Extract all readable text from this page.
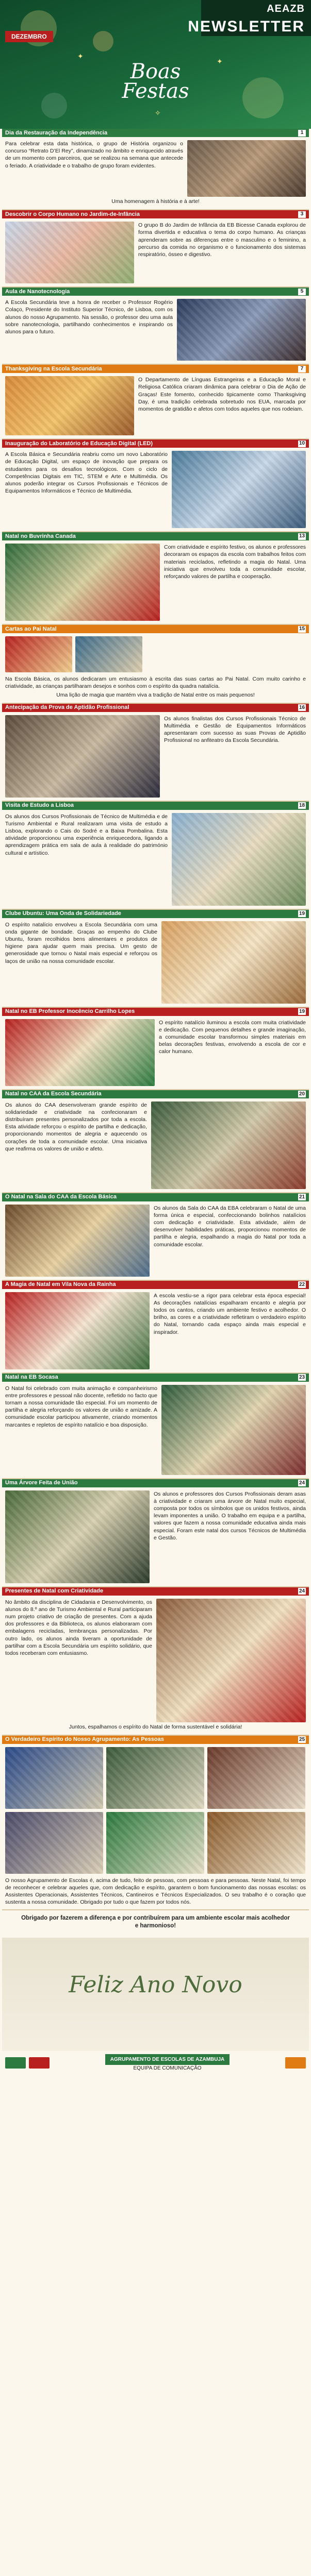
✦
✦
✧
AEAZB
NEWSLETTER
DEZEMBRO
Boas
Festas
Dia da Restauração da Independência	1

Para celebrar esta data histórica, o grupo de História organizou o concurso “Retrato D’El Rey”, dinamizado no âmbito e enriquecido através de um momento com parceiros, que se realizou na semana que antecede o feriado. A criatividade e o trabalho de grupo foram evidentes.

Uma homenagem à história e à arte!
Descobrir o Corpo Humano no Jardim-de-Infância	3

O grupo B do Jardim de Infância da EB Bicesse Canada explorou de forma divertida e educativa o tema do corpo humano. As crianças aprenderam sobre as diferenças entre o masculino e o feminino, a percurso da comida no organismo e o funcionamento dos sistemas respiratório, ósseo e digestivo.

Aula de Nanotecnologia	5

A Escola Secundária teve a honra de receber o Professor Rogério Colaço, Presidente do Instituto Superior Técnico, de Lisboa, com os alunos do nosso Agrupamento. Na sessão, o professor deu uma aula sobre nanotecnologia, partilhando conhecimentos e inspirando os alunos para o futuro.

Thanksgiving na Escola Secundária	7

O Departamento de Línguas Estrangeiras e a Educação Moral e Religiosa Católica criaram dinâmica para celebrar o Dia de Ação de Graças! Este fomento, conhecido tipicamente como Thanksgiving Day, é uma tradição celebrada sobretudo nos EUA, marcada por momentos de gratidão e afetos com todos aqueles que nos rodeiam.

Inauguração do Laboratório de Educação Digital (LED)	10

A Escola Básica e Secundária reabriu como um novo Laboratório de Educação Digital, um espaço de inovação que prepara os estudantes para os desafios tecnológicos. Com o ciclo de Competências Digitais em TIC, STEM e Arte e Multimédia. Os alunos poderão integrar os Cursos Profissionais e Técnicos de Equipamentos Informáticos e Técnico de Multimédia.

Natal no Buvrinha Canada	13

Com criatividade e espírito festivo, os alunos e professores decoraram os espaços da escola com trabalhos feitos com materiais reciclados, refletindo a magia do Natal. Uma iniciativa que envolveu toda a comunidade escolar, reforçando valores de partilha e cooperação.

Cartas ao Pai Natal	15

Na Escola Básica, os alunos dedicaram um entusiasmo à escrita das suas cartas ao Pai Natal. Com muito carinho e criatividade, as crianças partilharam desejos e sonhos com o espírito da quadra natalícia.

Uma lição de magia que mantém viva a tradição de Natal entre os mais pequenos!
Antecipação da Prova de Aptidão Profissional	16

Os alunos finalistas dos Cursos Profissionais Técnico de Multimédia e Gestão de Equipamentos Informáticos apresentaram com sucesso as suas Provas de Aptidão Profissional no anfiteatro da Escola Secundária.

Visita de Estudo a Lisboa	18

Os alunos dos Cursos Profissionais de Técnico de Multimédia e de Turismo Ambiental e Rural realizaram uma visita de estudo a Lisboa, explorando o Cais do Sodré e a Baixa Pombalina. Esta atividade proporcionou uma experiência enriquecedora, ligando a aprendizagem prática em sala de aula à realidade do património cultural e artístico.

Clube Ubuntu: Uma Onda de Solidariedade	19

O espírito natalício envolveu a Escola Secundária com uma onda gigante de bondade. Graças ao empenho do Clube Ubuntu, foram recolhidos bens alimentares e produtos de higiene para ajudar quem mais precisa. Um gesto de generosidade que tornou o Natal mais especial e reforçou os laços de união na nossa comunidade escolar.

Natal no EB Professor Inocêncio Carrilho Lopes	19

O espírito natalício iluminou a escola com muita criatividade e dedicação. Com pequenos detalhes e grande imaginação, a comunidade escolar transformou simples materiais em belas decorações festivas, envolvendo a escola de cor e calor humano.

Natal no CAA da Escola Secundária	20

Os alunos do CAA desenvolveram grande espírito de solidariedade e criatividade na confecionaram e distribuíram presentes personalizados por toda a escola. Esta atividade reforçou o espírito de partilha e dedicação, proporcionando momentos de alegria e aquecendo os corações de toda a comunidade escolar. Uma iniciativa que reafirma os valores de união e afeto.

O Natal na Sala do CAA da Escola Básica	21

Os alunos da Sala do CAA da EBA celebraram o Natal de uma forma única e especial, confeccionando bolinhos natalícios com dedicação e criatividade. Esta atividade, além de desenvolver habilidades práticas, proporcionou momentos de partilha e alegria, espalhando a magia do Natal por toda a comunidade escolar.

A Magia de Natal em Vila Nova da Rainha	22

A escola vestiu-se a rigor para celebrar esta época especial! As decorações natalícias espalharam encanto e alegria por todos os cantos, criando um ambiente festivo e acolhedor. O brilho, as cores e a criatividade refletiram o verdadeiro espírito do Natal, tornando cada espaço ainda mais especial e inspirador.

Natal na EB Socasa	23

O Natal foi celebrado com muita animação e companheirismo entre professores e pessoal não docente, refletido no facto que tornam a nossa comunidade tão especial. Foi um momento de partilha e alegria reforçando os valores de união e amizade. A comunidade escolar participou ativamente, criando momentos marcantes e repletos de espírito natalício e boa disposição.

Uma Árvore Feita de União	24

Os alunos e professores dos Cursos Profissionais deram asas à criatividade e criaram uma árvore de Natal muito especial, composta por todos os símbolos que os unidos festivos, ainda levam imponentes a união. O trabalho em equipa e a partilha, valores que fazem a nossa comunidade educativa ainda mais especial. Foram este natal dos cursos Técnicos de Multimédia e Gestão.

Presentes de Natal com Criatividade	24

No âmbito da disciplina de Cidadania e Desenvolvimento, os alunos do 8.º ano de Turismo Ambiental e Rural participaram num projeto criativo de criação de presentes. Com a ajuda dos professores e da Biblioteca, os alunos elaboraram com embalagens recicladas, lembranças personalizadas. Por outro lado, os alunos ainda tiveram a oportunidade de partilhar com a Escola Secundária um espírito solidário, que todos receberam com entusiasmo.

Juntos, espalhamos o espírito do Natal de forma sustentável e solidária!
O Verdadeiro Espírito do Nosso Agrupamento: As Pessoas	25

O nosso Agrupamento de Escolas é, acima de tudo, feito de pessoas, com pessoas e para pessoas. Neste Natal, foi tempo de reconhecer e celebrar aqueles que, com dedicação e espírito, garantem o bom funcionamento das nossas escolas: os Assistentes Operacionais, Assistentes Técnicos, Cantineiros e Técnicos Especializados. O seu trabalho é o coração que sustenta a nossa comunidade. Obrigado por tudo o que fazem por todos nós.

Obrigado por fazerem a diferença e por contribuírem para um ambiente escolar mais acolhedor e harmonioso!
Feliz Ano Novo
AGRUPAMENTO DE ESCOLAS DE AZAMBUJA
EQUIPA DE COMUNICAÇÃO
